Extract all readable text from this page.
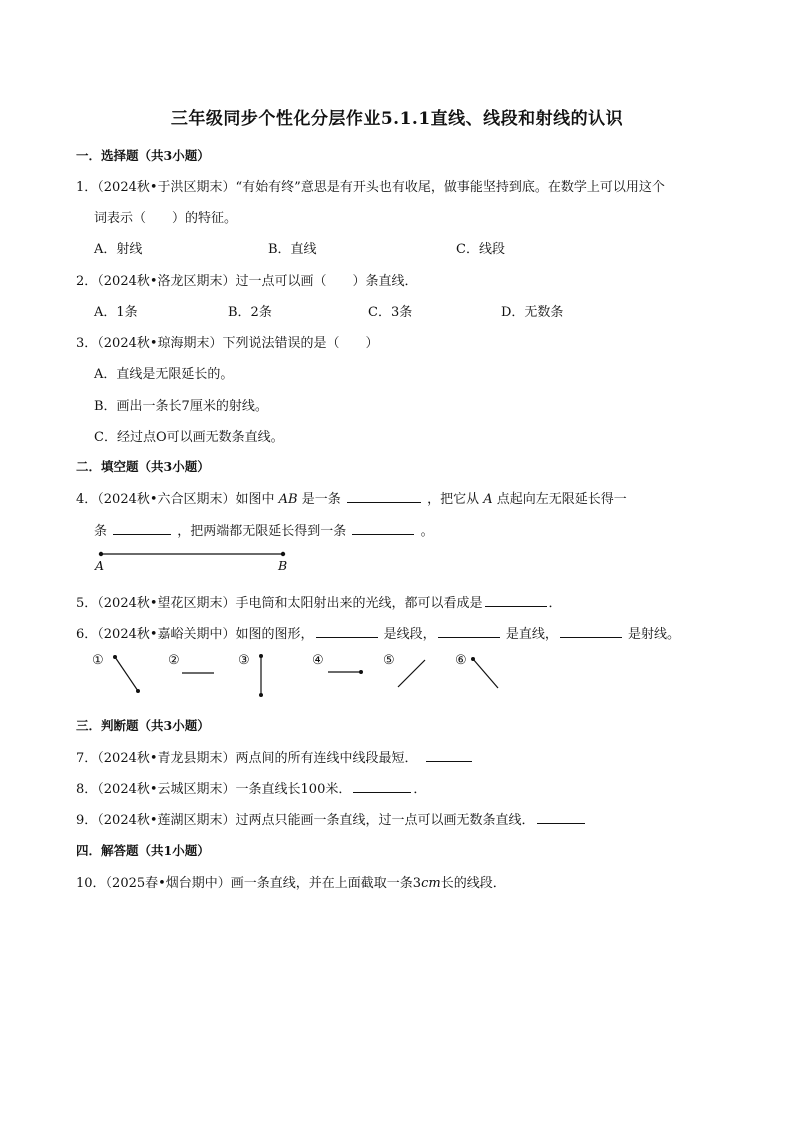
三年级同步个性化分层作业5.1.1直线、线段和射线的认识
一．选择题（共3小题）
1．（2024秋•于洪区期末）“有始有终”意思是有开头也有收尾，做事能坚持到底。在数学上可以用这个
词表示（　　）的特征。
A．射线	B．直线	C．线段
2．（2024秋•洛龙区期末）过一点可以画（　　）条直线．
A．1条	B．2条	C．3条	D．无数条
3．（2024秋•琼海期末）下列说法错误的是（　　）
A．直线是无限延长的。
B．画出一条长7厘米的射线。
C．经过点O可以画无数条直线。
二．填空题（共3小题）
4．（2024秋•六合区期末）如图中 AB 是一条	，把它从 A 点起向左无限延长得一
条	，把两端都无限延长得到一条	。
A	B
5．（2024秋•望花区期末）手电筒和太阳射出来的光线，都可以看成是	．
6．（2024秋•嘉峪关期中）如图的图形，	是线段，	是直线，	是射线。
①	②	③	④	⑤	⑥
三．判断题（共3小题）
7．（2024秋•青龙县期末）两点间的所有连线中线段最短．
8．（2024秋•云城区期末）一条直线长100米．	．
9．（2024秋•莲湖区期末）过两点只能画一条直线，过一点可以画无数条直线．
四．解答题（共1小题）
10．（2025春•烟台期中）画一条直线，并在上面截取一条3cm长的线段．
